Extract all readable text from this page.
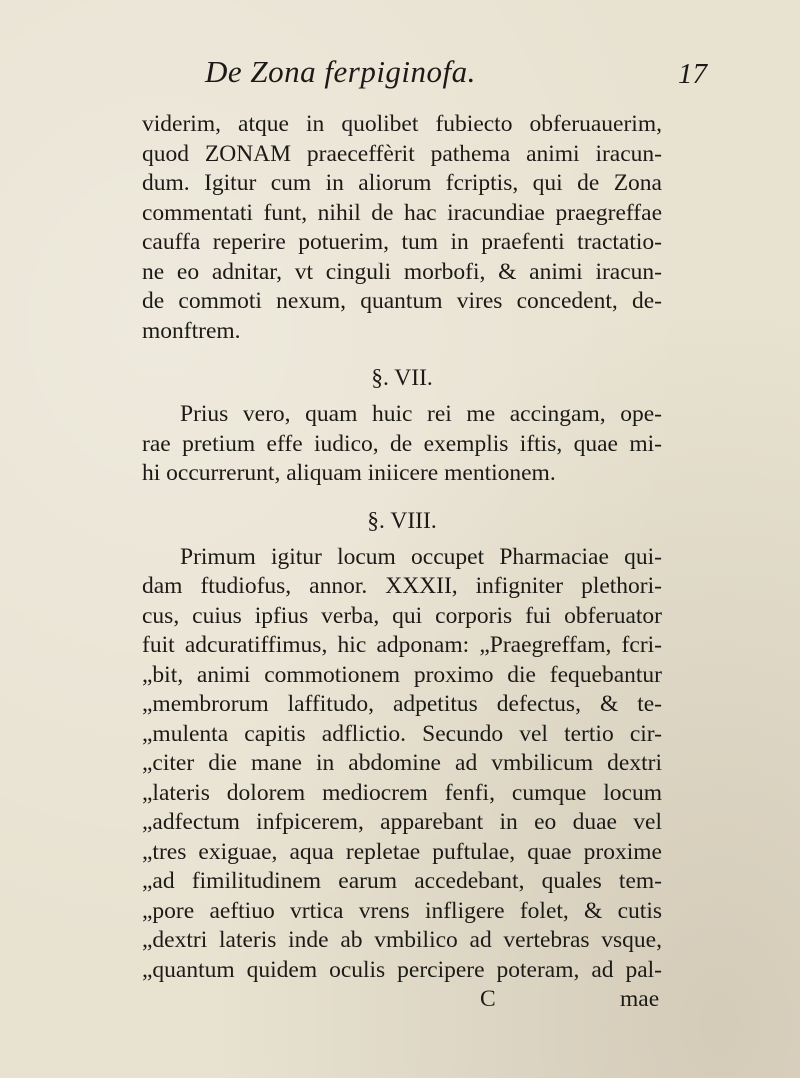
De Zona ferpiginofa.	17
viderim, atque in quolibet fubiecto obferuauerim,
quod ZONAM praeceffèrit pathema animi iracun-
dum. Igitur cum in aliorum fcriptis, qui de Zona
commentati funt, nihil de hac iracundiae praegreffae
cauffa reperire potuerim, tum in praefenti tractatio-
ne eo adnitar, vt cinguli morbofi, & animi iracun-
de commoti nexum, quantum vires concedent, de-
monftrem.
§. VII.
Prius vero, quam huic rei me accingam, ope-
rae pretium effe iudico, de exemplis iftis, quae mi-
hi occurrerunt, aliquam iniicere mentionem.
§. VIII.
Primum igitur locum occupet Pharmaciae qui-
dam ftudiofus, annor. XXXII, infigniter plethori-
cus, cuius ipfius verba, qui corporis fui obferuator
fuit adcuratiffimus, hic adponam: „Praegreffam, fcri-
„bit, animi commotionem proximo die fequebantur
„membrorum laffitudo, adpetitus defectus, & te-
„mulenta capitis adflictio. Secundo vel tertio cir-
„citer die mane in abdomine ad vmbilicum dextri
„lateris dolorem mediocrem fenfi, cumque locum
„adfectum infpicerem, apparebant in eo duae vel
„tres exiguae, aqua repletae puftulae, quae proxime
„ad fimilitudinem earum accedebant, quales tem-
„pore aeftiuo vrtica vrens infligere folet, & cutis
„dextri lateris inde ab vmbilico ad vertebras vsque,
„quantum quidem oculis percipere poteram, ad pal-
C	mae
